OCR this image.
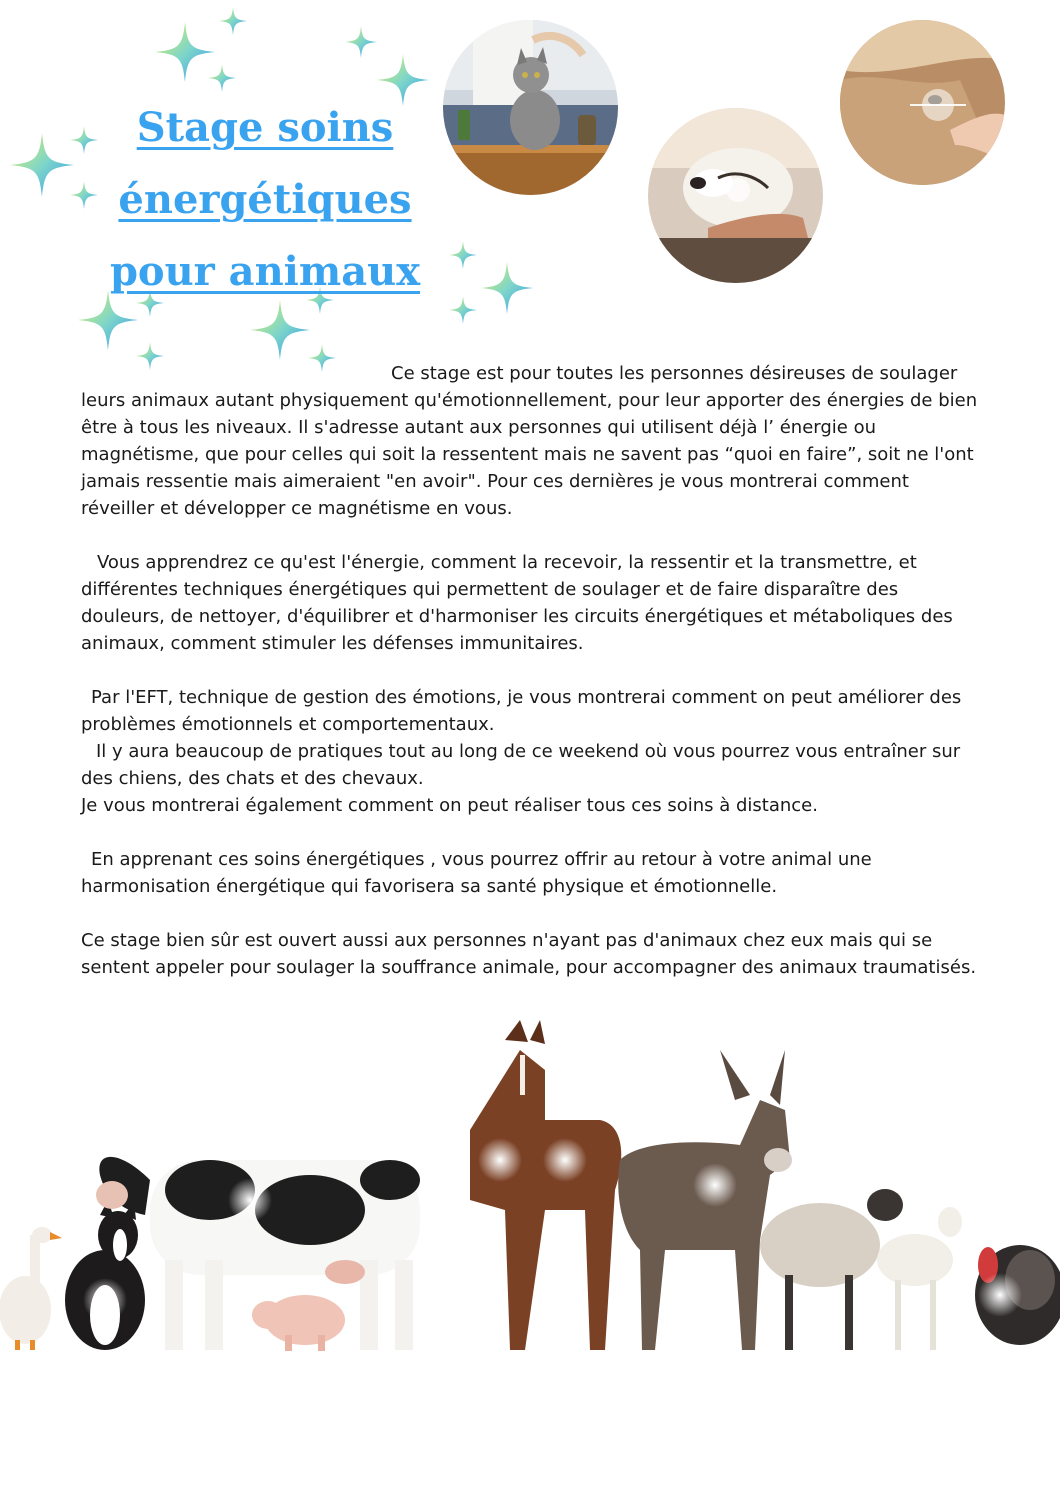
Stage soins
énergétiques
pour animaux

Ce stage est pour toutes les personnes désireuses de soulager
leurs animaux autant physiquement qu'émotionnellement, pour leur apporter des énergies de bien être à tous les niveaux. Il s'adresse autant aux personnes qui utilisent déjà l’ énergie ou magnétisme, que pour celles qui soit la ressentent mais ne savent pas “quoi en faire”, soit ne l'ont jamais ressentie mais aimeraient "en avoir". Pour ces dernières je vous montrerai comment réveiller et développer ce magnétisme en vous.

Vous apprendrez ce qu'est l'énergie, comment la recevoir, la ressentir et la transmettre, et différentes techniques énergétiques qui permettent de soulager et de faire disparaître des douleurs, de nettoyer, d'équilibrer et d'harmoniser les circuits énergétiques et métaboliques des animaux, comment stimuler les défenses immunitaires.

Par l'EFT, technique de gestion des émotions, je vous montrerai comment on peut améliorer des problèmes émotionnels et comportementaux.

Il y aura beaucoup de pratiques tout au long de ce weekend où vous pourrez vous entraîner sur des chiens, des chats et des chevaux.

Je vous montrerai également comment on peut réaliser tous ces soins à distance.

En apprenant ces soins énergétiques , vous pourrez offrir au retour à votre animal une harmonisation énergétique qui favorisera sa santé physique et émotionnelle.

Ce stage bien sûr est ouvert aussi aux personnes n'ayant pas d'animaux chez eux mais qui se sentent appeler pour soulager la souffrance animale, pour accompagner des animaux traumatisés.
